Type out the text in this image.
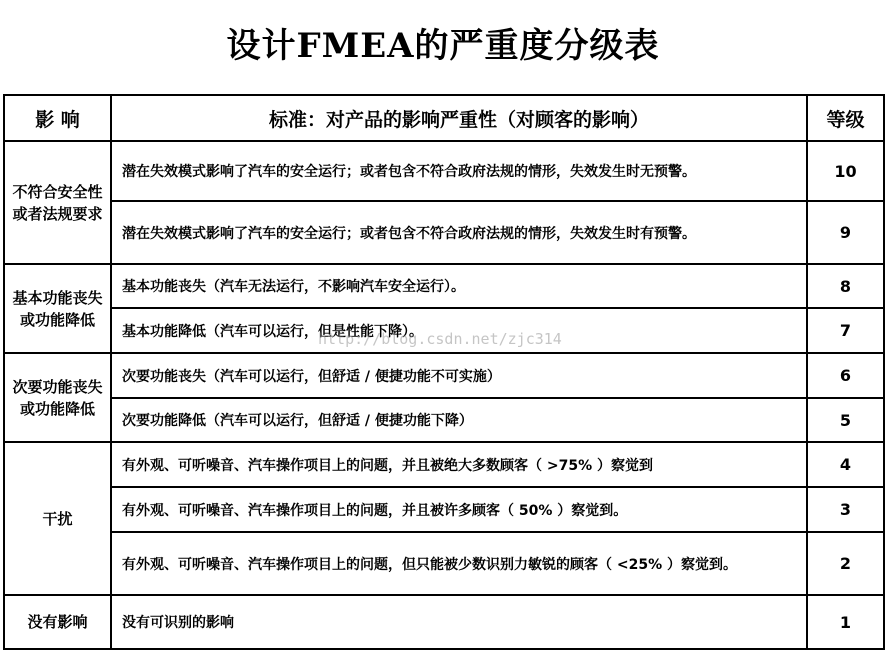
设计FMEA的严重度分级表
影 响	标准：对产品的影响严重性（对顾客的影响）	等级
不符合安全性或者法规要求	潜在失效模式影响了汽车的安全运行；或者包含不符合政府法规的情形，失效发生时无预警。	10
	潜在失效模式影响了汽车的安全运行；或者包含不符合政府法规的情形，失效发生时有预警。	9
基本功能丧失或功能降低	基本功能丧失（汽车无法运行，不影响汽车安全运行）。	8
	基本功能降低（汽车可以运行，但是性能下降）。	7
次要功能丧失或功能降低	次要功能丧失（汽车可以运行，但舒适 / 便捷功能不可实施）	6
	次要功能降低（汽车可以运行，但舒适 / 便捷功能下降）	5
干扰	有外观、可听噪音、汽车操作项目上的问题，并且被绝大多数顾客（ >75% ）察觉到	4
	有外观、可听噪音、汽车操作项目上的问题，并且被许多顾客（ 50% ）察觉到。	3
	有外观、可听噪音、汽车操作项目上的问题，但只能被少数识别力敏锐的顾客（ <25% ）察觉到。	2
没有影响	没有可识别的影响	1
http://blog.csdn.net/zjc314
